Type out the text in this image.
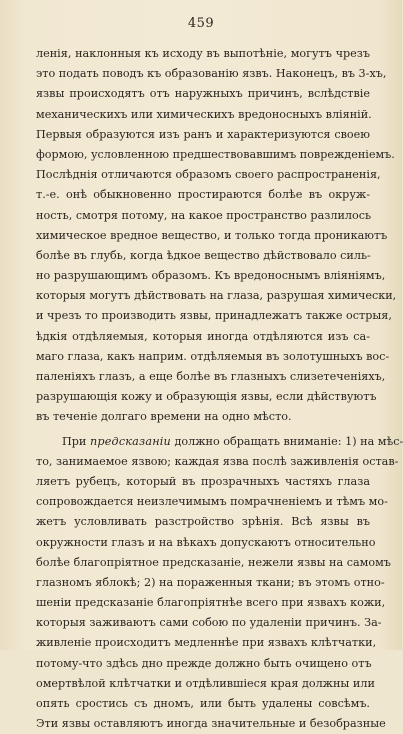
459
ленія, наклонныя къ исходу въ выпотѣніе, могутъ чрезъ
это подать поводъ къ образованію язвъ. Наконецъ, въ 3-хъ,
язвы происходятъ отъ наружныхъ причинъ, вслѣдствіе
механическихъ или химическихъ вредоносныхъ вліяній.
Первыя образуются изъ ранъ и характеризуются своею
формою, условленною предшествовавшимъ поврежденіемъ.
Послѣднія отличаются образомъ своего распространенія,
т.-е. онѣ обыкновенно простираются болѣе въ окруж-
ность, смотря потому, на какое пространство разлилось
химическое вредное вещество, и только тогда проникаютъ
болѣе въ глубь, когда ѣдкое вещество дѣйствовало силь-
но разрушающимъ образомъ. Къ вредоноснымъ вліяніямъ,
которыя могутъ дѣйствовать на глаза, разрушая химически,
и чрезъ то производить язвы, принадлежатъ также острыя,
ѣдкія отдѣляемыя, которыя иногда отдѣляются изъ са-
маго глаза, какъ наприм. отдѣляемыя въ золотушныхъ вос-
паленіяхъ глазъ, а еще болѣе въ глазныхъ слизетеченіяхъ,
разрушающія кожу и образующія язвы, если дѣйствуютъ
въ теченіе долгаго времени на одно мѣсто.
При предсказаніи должно обращать вниманіе: 1) на мѣс-
то, занимаемое язвою; каждая язва послѣ заживленія остав-
ляетъ рубецъ, который въ прозрачныхъ частяхъ глаза
сопровождается неизлечимымъ помрачненіемъ и тѣмъ мо-
жетъ условливать разстройство зрѣнія. Всѣ язвы въ
окружности глазъ и на вѣкахъ допускаютъ относительно
болѣе благопріятное предсказаніе, нежели язвы на самомъ
глазномъ яблокѣ; 2) на пораженныя ткани; въ этомъ отно-
шеніи предсказаніе благопріятнѣе всего при язвахъ кожи,
которыя заживаютъ сами собою по удаленіи причинъ. За-
живленіе происходитъ медленнѣе при язвахъ клѣтчатки,
потому-что здѣсь дно прежде должно быть очищено отъ
омертвѣлой клѣтчатки и отдѣлившіеся края должны или
опять сростись съ дномъ, или быть удалены совсѣмъ.
Эти язвы оставляютъ иногда значительные и безобразные
